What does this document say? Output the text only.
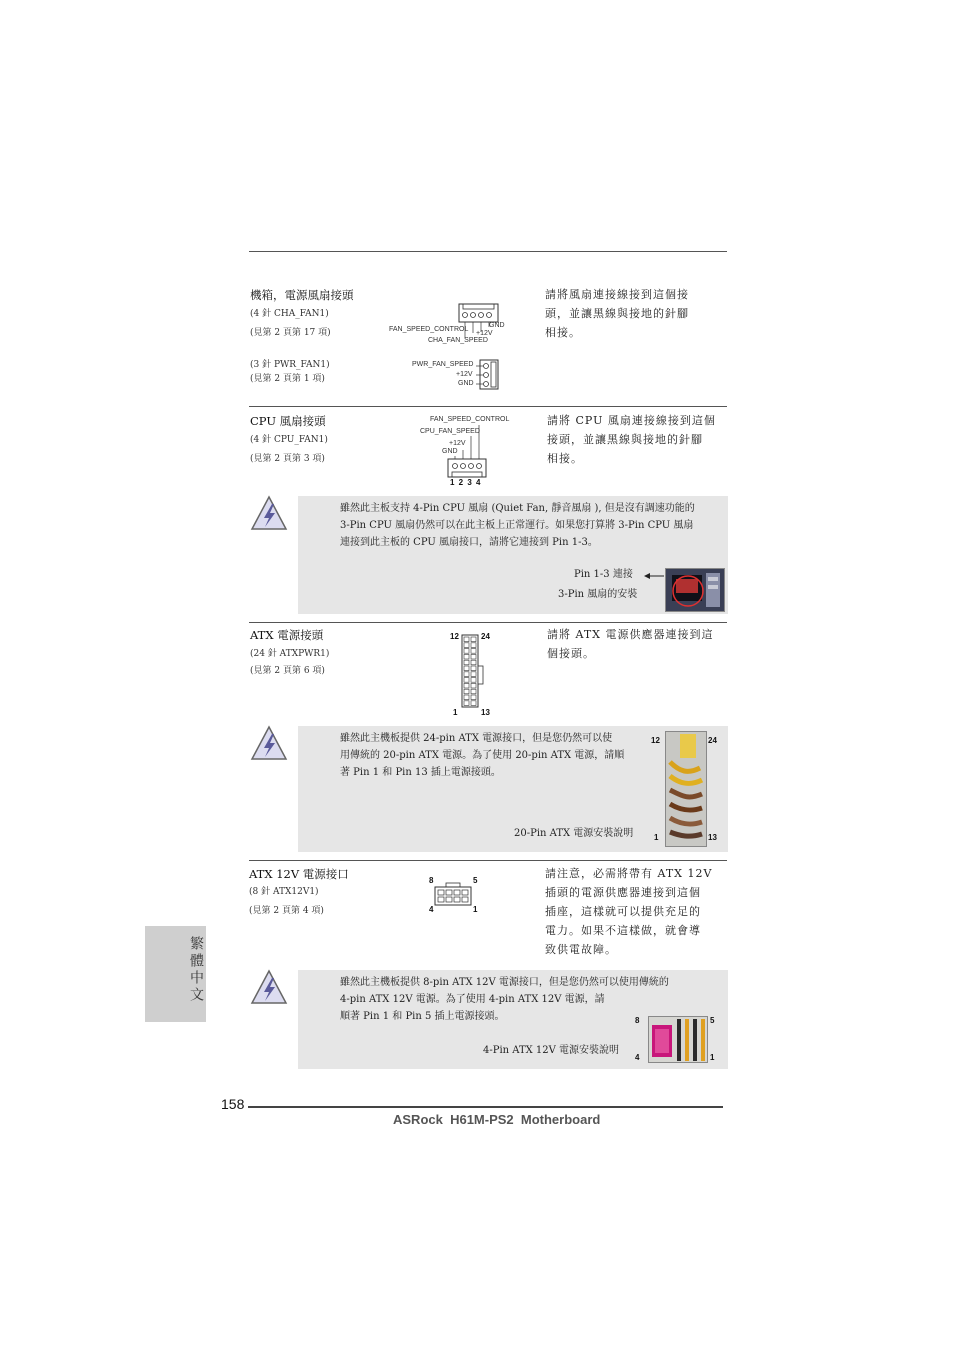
機箱，電源風扇接頭
(4 針 CHA_FAN1)
(見第 2 頁第 17 項)
(3 針 PWR_FAN1)
(見第 2 頁第 1 項)
GND
FAN_SPEED_CONTROL
+12V
CHA_FAN_SPEED
PWR_FAN_SPEED
+12V
GND
請將風扇連接線接到這個接
頭，並讓黑線與接地的針腳
相接。
CPU 風扇接頭
(4 針 CPU_FAN1)
(見第 2 頁第 3 項)
FAN_SPEED_CONTROL
CPU_FAN_SPEED
+12V
GND
1 2 3 4
請將 CPU 風扇連接線接到這個
接頭，並讓黑線與接地的針腳
相接。
雖然此主板支持 4-Pin CPU 風扇 (Quiet Fan, 靜音風扇 ), 但是沒有調速功能的
3-Pin CPU 風扇仍然可以在此主板上正常運行。如果您打算將 3-Pin CPU 風扇
連接到此主板的 CPU 風扇接口，請將它連接到 Pin 1-3。
Pin 1-3 連接
3-Pin 風扇的安裝
ATX 電源接頭
(24 針 ATXPWR1)
(見第 2 頁第 6 項)
12	24
1	13
請將 ATX 電源供應器連接到這
個接頭。
雖然此主機板提供 24-pin ATX 電源接口，但是您仍然可以使
用傳統的 20-pin ATX 電源。為了使用 20-pin ATX 電源，請順
著 Pin 1 和 Pin 13 插上電源接頭。
20-Pin ATX 電源安裝說明
12	24
1	13
ATX 12V 電源接口
(8 針 ATX12V1)
(見第 2 頁第 4 項)
8	5
4	1
請注意，必需將帶有 ATX 12V
插頭的電源供應器連接到這個
插座，這樣就可以提供充足的
電力。如果不這樣做，就會導
致供電故障。
雖然此主機板提供 8-pin ATX 12V 電源接口，但是您仍然可以使用傳統的
4-pin ATX 12V 電源。為了使用 4-pin ATX 12V 電源，請
順著 Pin 1 和 Pin 5 插上電源接頭。
4-Pin ATX 12V 電源安裝說明
8	5
4	1
繁體中文
158
ASRock  H61M-PS2  Motherboard
